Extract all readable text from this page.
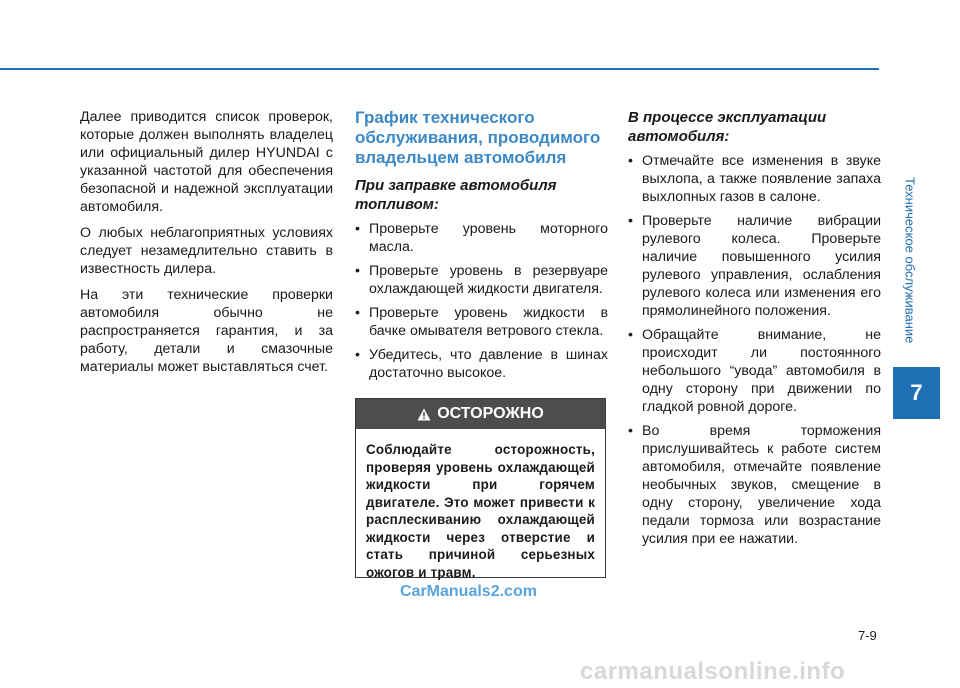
Техническое обслуживание
7

Далее приводится список проверок, которые должен выполнять владелец или официальный дилер HYUNDAI с указанной частотой для обеспечения безопасной и надежной эксплуатации автомобиля.

О любых неблагоприятных условиях следует незамедлительно ставить в известность дилера.

На эти технические проверки автомобиля обычно не распространяется гарантия, и за работу, детали и смазочные материалы может выставляться счет.

График технического обслуживания, проводимого владельцем автомобиля
При заправке автомобиля топливом:
• Проверьте уровень моторного масла.
• Проверьте уровень в резервуаре охлаждающей жидкости двигателя.
• Проверьте уровень жидкости в бачке омывателя ветрового стекла.
• Убедитесь, что давление в шинах достаточно высокое.
ОСТОРОЖНО
Соблюдайте осторожность, проверяя уровень охлаждающей жидкости при горячем двигателе. Это может привести к расплескиванию охлаждающей жидкости через отверстие и стать причиной серьезных ожогов и травм.
В процессе эксплуатации автомобиля:
• Отмечайте все изменения в звуке выхлопа, а также появление запаха выхлопных газов в салоне.
• Проверьте наличие вибрации рулевого колеса. Проверьте наличие повышенного усилия рулевого управления, ослабления рулевого колеса или изменения его прямолинейного положения.
• Обращайте внимание, не происходит ли постоянного небольшого “увода” автомобиля в одну сторону при движении по гладкой ровной дороге.
• Во время торможения прислушивайтесь к работе систем автомобиля, отмечайте появление необычных звуков, смещение в одну сторону, увеличение хода педали тормоза или возрастание усилия при ее нажатии.
CarManuals2.com
7-9
carmanualsonline.info
